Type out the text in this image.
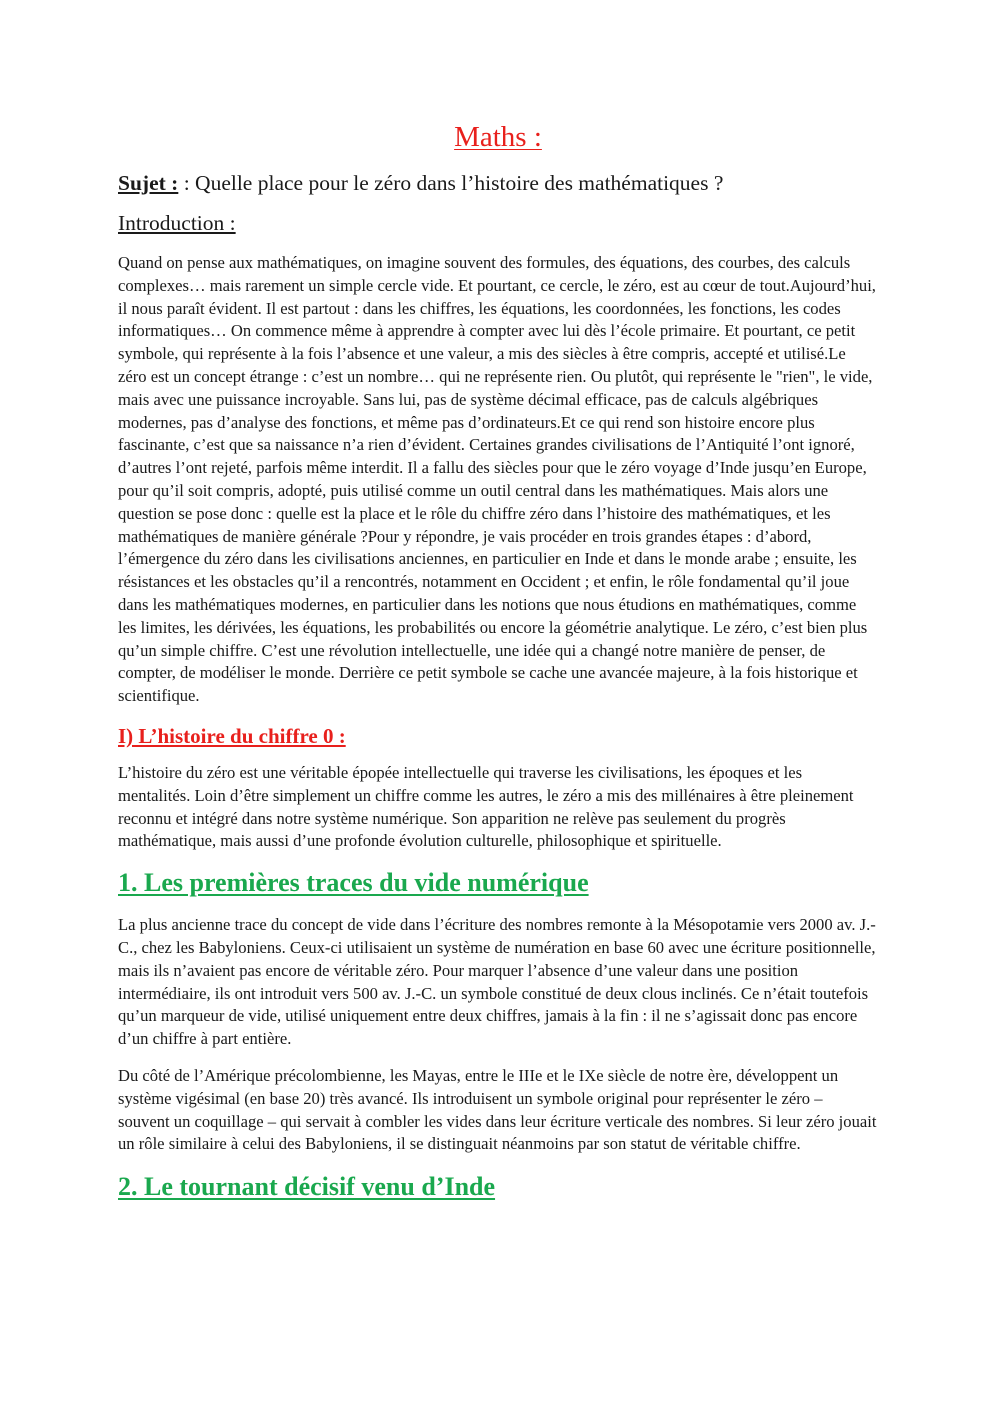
Maths :

Sujet : : Quelle place pour le zéro dans l’histoire des mathématiques ?

Introduction :

Quand on pense aux mathématiques, on imagine souvent des formules, des équations, des courbes, des calculs complexes… mais rarement un simple cercle vide. Et pourtant, ce cercle, le zéro, est au cœur de tout.Aujourd’hui, il nous paraît évident. Il est partout : dans les chiffres, les équations, les coordonnées, les fonctions, les codes informatiques… On commence même à apprendre à compter avec lui dès l’école primaire. Et pourtant, ce petit symbole, qui représente à la fois l’absence et une valeur, a mis des siècles à être compris, accepté et utilisé.Le zéro est un concept étrange : c’est un nombre… qui ne représente rien. Ou plutôt, qui représente le "rien", le vide, mais avec une puissance incroyable. Sans lui, pas de système décimal efficace, pas de calculs algébriques modernes, pas d’analyse des fonctions, et même pas d’ordinateurs.Et ce qui rend son histoire encore plus fascinante, c’est que sa naissance n’a rien d’évident. Certaines grandes civilisations de l’Antiquité l’ont ignoré, d’autres l’ont rejeté, parfois même interdit. Il a fallu des siècles pour que le zéro voyage d’Inde jusqu’en Europe, pour qu’il soit compris, adopté, puis utilisé comme un outil central dans les mathématiques. Mais alors une question se pose donc : quelle est la place et le rôle du chiffre zéro dans l’histoire des mathématiques, et les mathématiques de manière générale ?Pour y répondre, je vais procéder en trois grandes étapes : d’abord, l’émergence du zéro dans les civilisations anciennes, en particulier en Inde et dans le monde arabe ; ensuite, les résistances et les obstacles qu’il a rencontrés, notamment en Occident ; et enfin, le rôle fondamental qu’il joue dans les mathématiques modernes, en particulier dans les notions que nous étudions en mathématiques, comme les limites, les dérivées, les équations, les probabilités ou encore la géométrie analytique. Le zéro, c’est bien plus qu’un simple chiffre. C’est une révolution intellectuelle, une idée qui a changé notre manière de penser, de compter, de modéliser le monde. Derrière ce petit symbole se cache une avancée majeure, à la fois historique et scientifique.

I) L’histoire du chiffre 0 :

L’histoire du zéro est une véritable épopée intellectuelle qui traverse les civilisations, les époques et les mentalités. Loin d’être simplement un chiffre comme les autres, le zéro a mis des millénaires à être pleinement reconnu et intégré dans notre système numérique. Son apparition ne relève pas seulement du progrès mathématique, mais aussi d’une profonde évolution culturelle, philosophique et spirituelle.

1. Les premières traces du vide numérique

La plus ancienne trace du concept de vide dans l’écriture des nombres remonte à la Mésopotamie vers 2000 av. J.-C., chez les Babyloniens. Ceux-ci utilisaient un système de numération en base 60 avec une écriture positionnelle, mais ils n’avaient pas encore de véritable zéro. Pour marquer l’absence d’une valeur dans une position intermédiaire, ils ont introduit vers 500 av. J.-C. un symbole constitué de deux clous inclinés. Ce n’était toutefois qu’un marqueur de vide, utilisé uniquement entre deux chiffres, jamais à la fin : il ne s’agissait donc pas encore d’un chiffre à part entière.

Du côté de l’Amérique précolombienne, les Mayas, entre le IIIe et le IXe siècle de notre ère, développent un système vigésimal (en base 20) très avancé. Ils introduisent un symbole original pour représenter le zéro – souvent un coquillage – qui servait à combler les vides dans leur écriture verticale des nombres. Si leur zéro jouait un rôle similaire à celui des Babyloniens, il se distinguait néanmoins par son statut de véritable chiffre.

2. Le tournant décisif venu d’Inde
